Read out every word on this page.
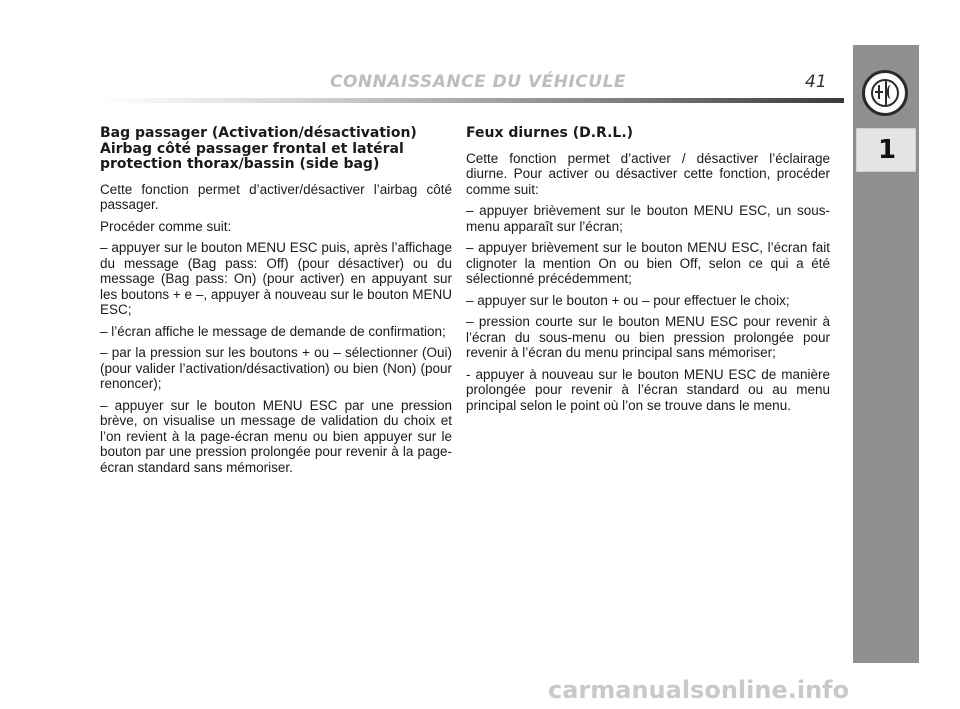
CONNAISSANCE DU VÉHICULE	41
1
Bag passager (Activation/désactivation) Airbag côté passager frontal et latéral protection thorax/bassin (side bag)

Cette fonction permet d’activer/désactiver l’airbag côté passager.

Procéder comme suit:

– appuyer sur le bouton MENU ESC puis, après l’affichage du message (Bag pass: Off) (pour désactiver) ou du message (Bag pass: On) (pour activer) en appuyant sur les boutons + e –, appuyer à nouveau sur le bouton MENU ESC;

– l’écran affiche le message de demande de confirmation;

– par la pression sur les boutons + ou – sélectionner (Oui) (pour valider l’activation/désactivation) ou bien (Non) (pour renoncer);

– appuyer sur le bouton MENU ESC par une pression brève, on visualise un message de validation du choix et l’on revient à la page-écran menu ou bien appuyer sur le bouton par une pression prolongée pour revenir à la page-écran standard sans mémoriser.

Feux diurnes (D.R.L.)

Cette fonction permet d’activer / désactiver l’éclairage diurne. Pour activer ou désactiver cette fonction, procéder comme suit:

– appuyer brièvement sur le bouton MENU ESC, un sous-menu apparaît sur l’écran;

– appuyer brièvement sur le bouton MENU ESC, l’écran fait clignoter la mention On ou bien Off, selon ce qui a été sélectionné précédemment;

– appuyer sur le bouton + ou – pour effectuer le choix;

– pression courte sur le bouton MENU ESC pour revenir à l’écran du sous-menu ou bien pression prolongée pour revenir à l’écran du menu principal sans mémoriser;

- appuyer à nouveau sur le bouton MENU ESC de manière prolongée pour revenir à l’écran standard ou au menu principal selon le point où l’on se trouve dans le menu.

carmanualsonline.info
